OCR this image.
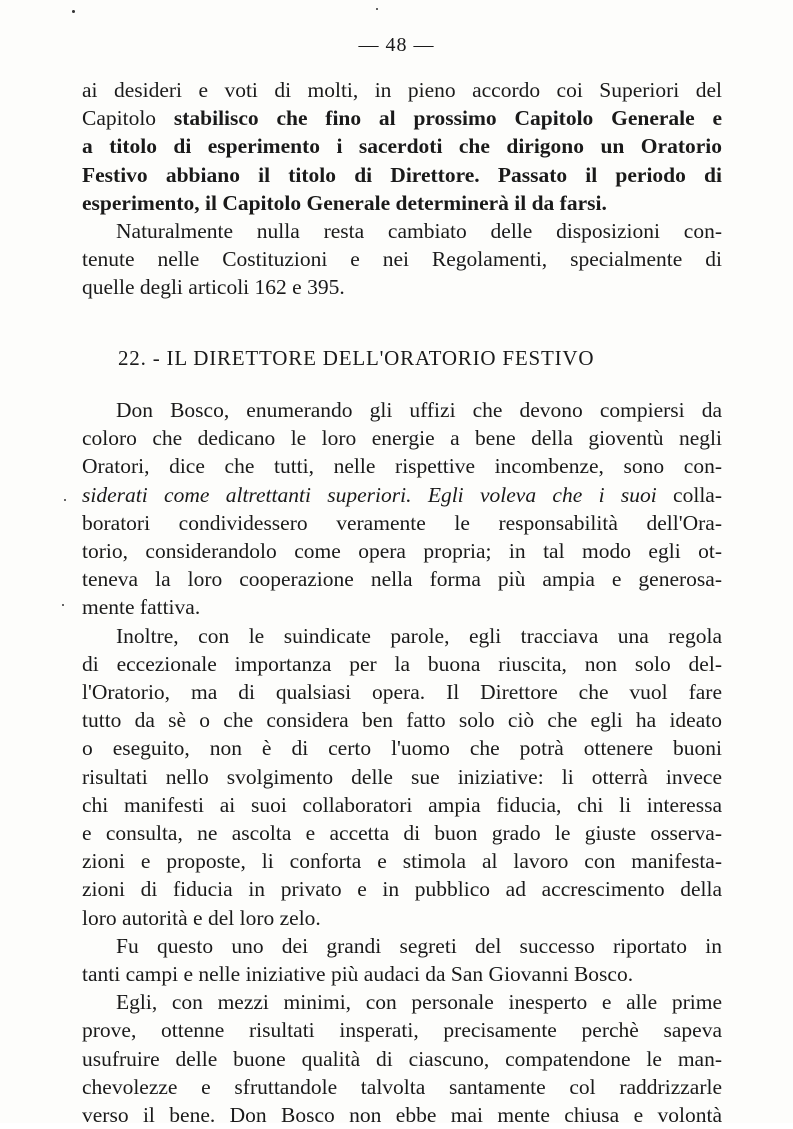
— 48 —
ai desideri e voti di molti, in pieno accordo coi Superiori del
Capitolo stabilisco che fino al prossimo Capitolo Generale e
a titolo di esperimento i sacerdoti che dirigono un Oratorio
Festivo abbiano il titolo di Direttore. Passato il periodo di
esperimento, il Capitolo Generale determinerà il da farsi.
Naturalmente nulla resta cambiato delle disposizioni con-
tenute nelle Costituzioni e nei Regolamenti, specialmente di
quelle degli articoli 162 e 395.
22. - IL DIRETTORE DELL'ORATORIO FESTIVO
Don Bosco, enumerando gli uffizi che devono compiersi da
coloro che dedicano le loro energie a bene della gioventù negli
Oratori, dice che tutti, nelle rispettive incombenze, sono con-
siderati come altrettanti superiori. Egli voleva che i suoi colla-
boratori condividessero veramente le responsabilità dell'Ora-
torio, considerandolo come opera propria; in tal modo egli ot-
teneva la loro cooperazione nella forma più ampia e generosa-
mente fattiva.
Inoltre, con le suindicate parole, egli tracciava una regola
di eccezionale importanza per la buona riuscita, non solo del-
l'Oratorio, ma di qualsiasi opera. Il Direttore che vuol fare
tutto da sè o che considera ben fatto solo ciò che egli ha ideato
o eseguito, non è di certo l'uomo che potrà ottenere buoni
risultati nello svolgimento delle sue iniziative: li otterrà invece
chi manifesti ai suoi collaboratori ampia fiducia, chi li interessa
e consulta, ne ascolta e accetta di buon grado le giuste osserva-
zioni e proposte, li conforta e stimola al lavoro con manifesta-
zioni di fiducia in privato e in pubblico ad accrescimento della
loro autorità e del loro zelo.
Fu questo uno dei grandi segreti del successo riportato in
tanti campi e nelle iniziative più audaci da San Giovanni Bosco.
Egli, con mezzi minimi, con personale inesperto e alle prime
prove, ottenne risultati insperati, precisamente perchè sapeva
usufruire delle buone qualità di ciascuno, compatendone le man-
chevolezze e sfruttandole talvolta santamente col raddrizzarle
verso il bene. Don Bosco non ebbe mai mente chiusa e volontà
